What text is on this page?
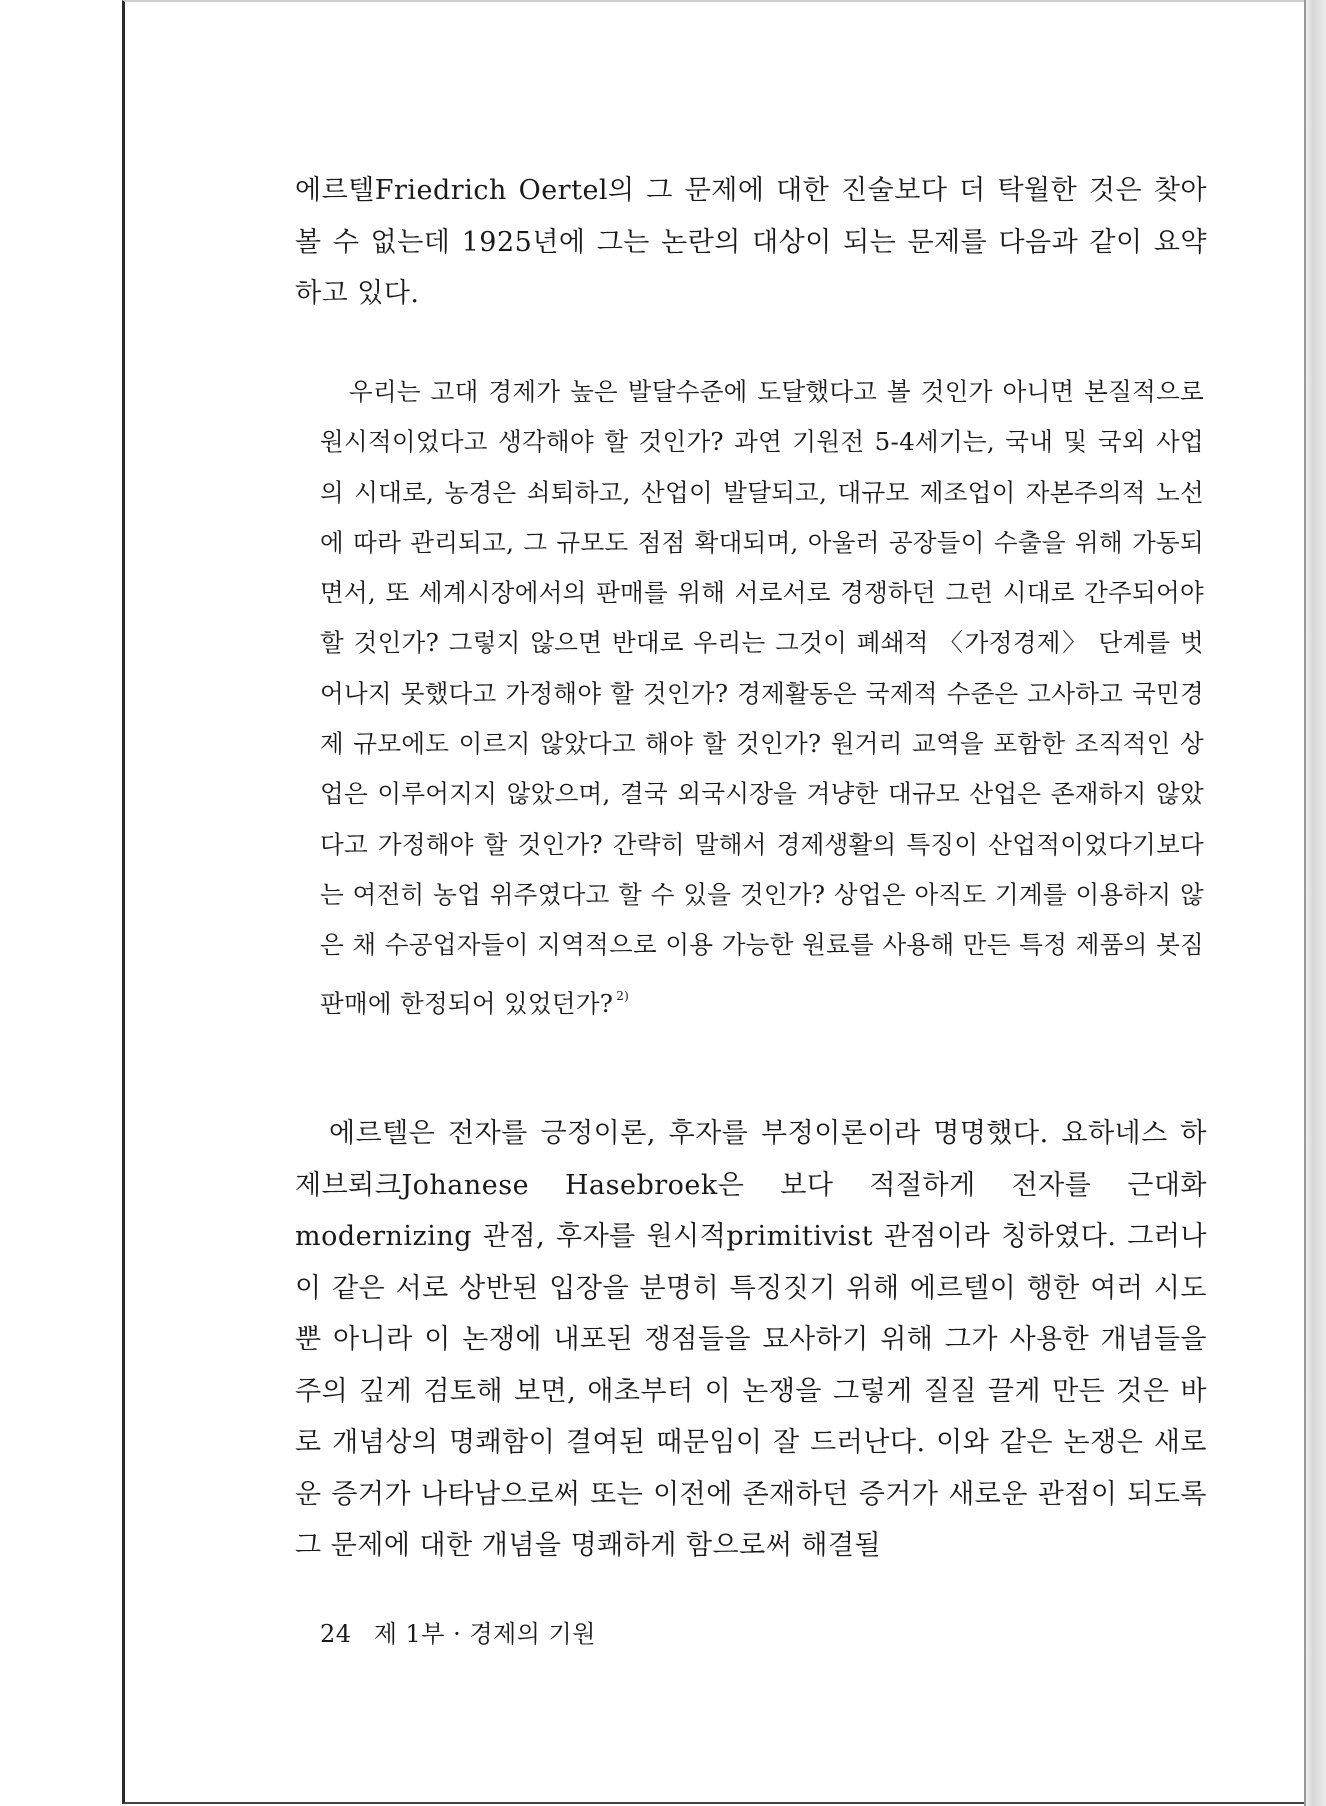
에르텔Friedrich Oertel의 그 문제에 대한 진술보다 더 탁월한 것은 찾아 볼 수 없는데 1925년에 그는 논란의 대상이 되는 문제를 다음과 같이 요약하고 있다.

우리는 고대 경제가 높은 발달수준에 도달했다고 볼 것인가 아니면 본질적으로 원시적이었다고 생각해야 할 것인가? 과연 기원전 5-4세기는, 국내 및 국외 사업의 시대로, 농경은 쇠퇴하고, 산업이 발달되고, 대규모 제조업이 자본주의적 노선에 따라 관리되고, 그 규모도 점점 확대되며, 아울러 공장들이 수출을 위해 가동되면서, 또 세계시장에서의 판매를 위해 서로서로 경쟁하던 그런 시대로 간주되어야 할 것인가? 그렇지 않으면 반대로 우리는 그것이 폐쇄적 〈가정경제〉 단계를 벗어나지 못했다고 가정해야 할 것인가? 경제활동은 국제적 수준은 고사하고 국민경제 규모에도 이르지 않았다고 해야 할 것인가? 원거리 교역을 포함한 조직적인 상업은 이루어지지 않았으며, 결국 외국시장을 겨냥한 대규모 산업은 존재하지 않았다고 가정해야 할 것인가? 간략히 말해서 경제생활의 특징이 산업적이었다기보다는 여전히 농업 위주였다고 할 수 있을 것인가? 상업은 아직도 기계를 이용하지 않은 채 수공업자들이 지역적으로 이용 가능한 원료를 사용해 만든 특정 제품의 봇짐판매에 한정되어 있었던가? $^{2)}$

에르텔은 전자를 긍정이론, 후자를 부정이론이라 명명했다. 요하네스 하제브뢰크Johanese Hasebroek은 보다 적절하게 전자를 근대화modernizing 관점, 후자를 원시적primitivist 관점이라 칭하였다. 그러나 이 같은 서로 상반된 입장을 분명히 특징짓기 위해 에르텔이 행한 여러 시도뿐 아니라 이 논쟁에 내포된 쟁점들을 묘사하기 위해 그가 사용한 개념들을 주의 깊게 검토해 보면, 애초부터 이 논쟁을 그렇게 질질 끌게 만든 것은 바로 개념상의 명쾌함이 결여된 때문임이 잘 드러난다. 이와 같은 논쟁은 새로운 증거가 나타남으로써 또는 이전에 존재하던 증거가 새로운 관점이 되도록 그 문제에 대한 개념을 명쾌하게 함으로써 해결될

24 제 1부 · 경제의 기원
